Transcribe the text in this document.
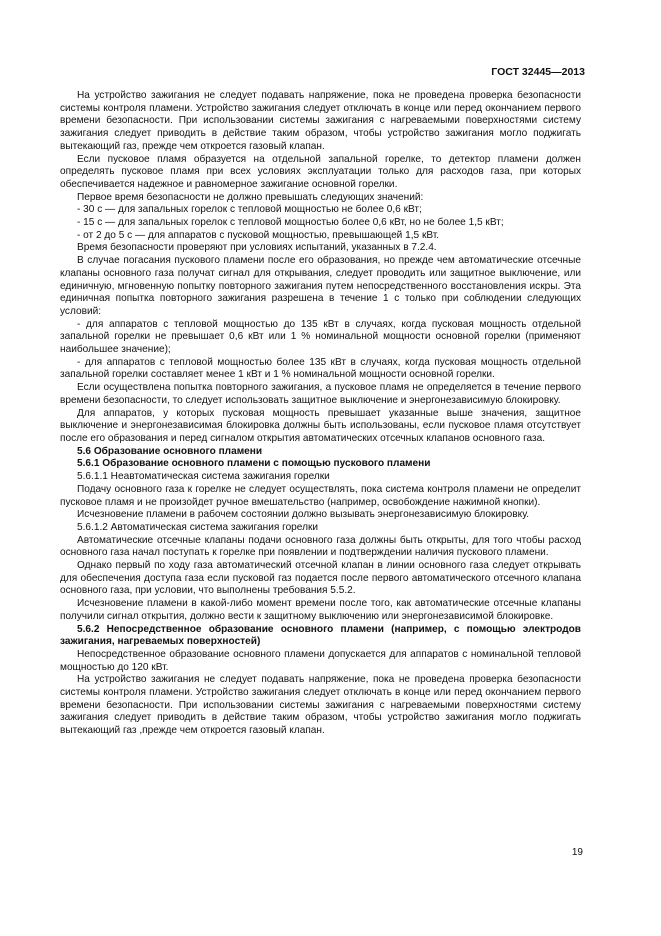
ГОСТ 32445—2013

На устройство зажигания не следует подавать напряжение, пока не проведена проверка безопасности системы контроля пламени. Устройство зажигания следует отключать в конце или перед окончанием первого времени безопасности. При использовании системы зажигания с нагреваемыми поверхностями систему зажигания следует приводить в действие таким образом, чтобы устройство зажигания могло поджигать вытекающий газ, прежде чем откроется газовый клапан.

Если пусковое пламя образуется на отдельной запальной горелке, то детектор пламени должен определять пусковое пламя при всех условиях эксплуатации только для расходов газа, при которых обеспечивается надежное и равномерное зажигание основной горелки.

Первое время безопасности не должно превышать следующих значений:

- 30 с — для запальных горелок с тепловой мощностью не более 0,6 кВт;

- 15 с — для запальных горелок с тепловой мощностью более 0,6 кВт, но не более 1,5 кВт;

- от 2 до 5 с — для аппаратов с пусковой мощностью, превышающей 1,5 кВт.

Время безопасности проверяют при условиях испытаний, указанных в 7.2.4.

В случае погасания пускового пламени после его образования, но прежде чем автоматические отсечные клапаны основного газа получат сигнал для открывания, следует проводить или защитное выключение, или единичную, мгновенную попытку повторного зажигания путем непосредственного восстановления искры. Эта единичная попытка повторного зажигания разрешена в течение 1 с только при соблюдении следующих условий:

- для аппаратов с тепловой мощностью до 135 кВт в случаях, когда пусковая мощность отдельной запальной горелки не превышает 0,6 кВт или 1 % номинальной мощности основной горелки (применяют наибольшее значение);

- для аппаратов с тепловой мощностью более 135 кВт в случаях, когда пусковая мощность отдельной запальной горелки составляет менее 1 кВт и 1 % номинальной мощности основной горелки.

Если осуществлена попытка повторного зажигания, а пусковое пламя не определяется в течение первого времени безопасности, то следует использовать защитное выключение и энергонезависимую блокировку.

Для аппаратов, у которых пусковая мощность превышает указанные выше значения, защитное выключение и энергонезависимая блокировка должны быть использованы, если пусковое пламя отсутствует после его образования и перед сигналом открытия автоматических отсечных клапанов основного газа.

5.6 Образование основного пламени

5.6.1 Образование основного пламени с помощью пускового пламени

5.6.1.1 Неавтоматическая система зажигания горелки

Подачу основного газа к горелке не следует осуществлять, пока система контроля пламени не определит пусковое пламя и не произойдет ручное вмешательство (например, освобождение нажимной кнопки).

Исчезновение пламени в рабочем состоянии должно вызывать энергонезависимую блокировку.

5.6.1.2 Автоматическая система зажигания горелки

Автоматические отсечные клапаны подачи основного газа должны быть открыты, для того чтобы расход основного газа начал поступать к горелке при появлении и подтверждении наличия пускового пламени.

Однако первый по ходу газа автоматический отсечной клапан в линии основного газа следует открывать для обеспечения доступа газа если пусковой газ подается после первого автоматического отсечного клапана основного газа, при условии, что выполнены требования 5.5.2.

Исчезновение пламени в какой-либо момент времени после того, как автоматические отсечные клапаны получили сигнал открытия, должно вести к защитному выключению или энергонезависимой блокировке.

5.6.2 Непосредственное образование основного пламени (например, с помощью электродов зажигания, нагреваемых поверхностей)

Непосредственное образование основного пламени допускается для аппаратов с номинальной тепловой мощностью до 120 кВт.

На устройство зажигания не следует подавать напряжение, пока не проведена проверка безопасности системы контроля пламени. Устройство зажигания следует отключать в конце или перед окончанием первого времени безопасности. При использовании системы зажигания с нагреваемыми поверхностями систему зажигания следует приводить в действие таким образом, чтобы устройство зажигания могло поджигать вытекающий газ ,прежде чем откроется газовый клапан.

19
